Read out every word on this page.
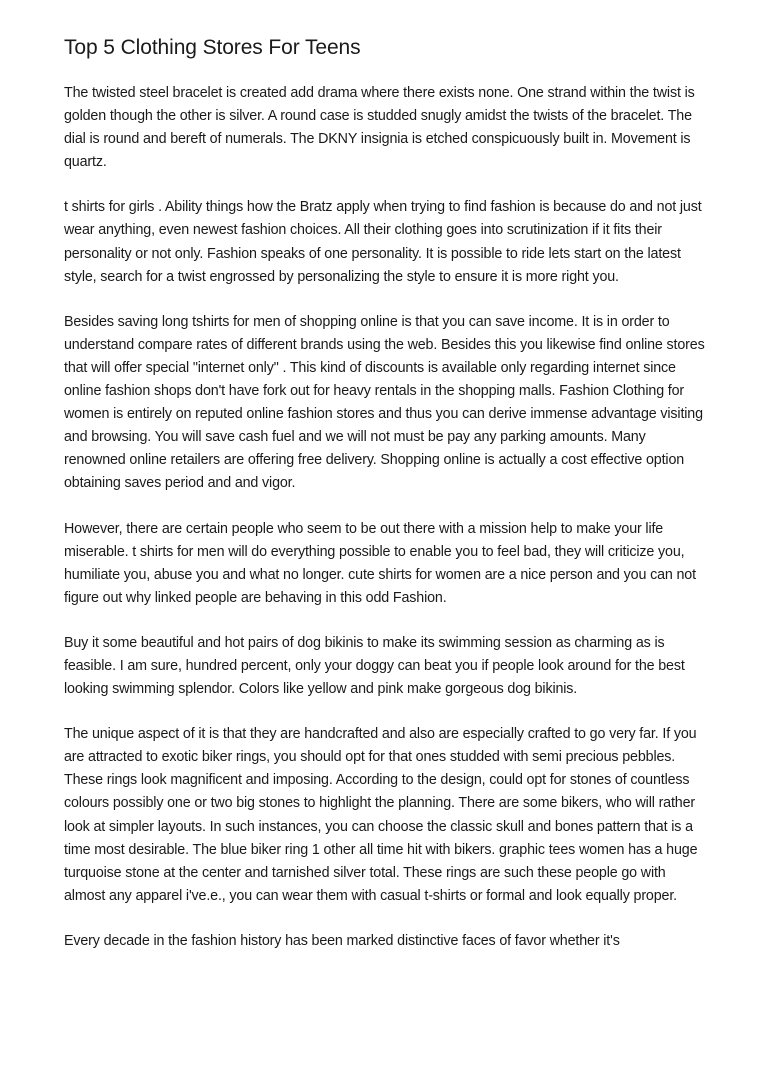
Top 5 Clothing Stores For Teens

The twisted steel bracelet is created add drama where there exists none. One strand within the twist is golden though the other is silver. A round case is studded snugly amidst the twists of the bracelet. The dial is round and bereft of numerals. The DKNY insignia is etched conspicuously built in. Movement is quartz.

t shirts for girls . Ability things how the Bratz apply when trying to find fashion is because do and not just wear anything, even newest fashion choices. All their clothing goes into scrutinization if it fits their personality or not only. Fashion speaks of one personality. It is possible to ride lets start on the latest style, search for a twist engrossed by personalizing the style to ensure it is more right you.

Besides saving long tshirts for men of shopping online is that you can save income. It is in order to understand compare rates of different brands using the web. Besides this you likewise find online stores that will offer special "internet only" . This kind of discounts is available only regarding internet since online fashion shops don't have fork out for heavy rentals in the shopping malls. Fashion Clothing for women is entirely on reputed online fashion stores and thus you can derive immense advantage visiting and browsing. You will save cash fuel and we will not must be pay any parking amounts. Many renowned online retailers are offering free delivery. Shopping online is actually a cost effective option obtaining saves period and and vigor.

However, there are certain people who seem to be out there with a mission help to make your life miserable. t shirts for men will do everything possible to enable you to feel bad, they will criticize you, humiliate you, abuse you and what no longer. cute shirts for women are a nice person and you can not figure out why linked people are behaving in this odd Fashion.

Buy it some beautiful and hot pairs of dog bikinis to make its swimming session as charming as is feasible. I am sure, hundred percent, only your doggy can beat you if people look around for the best looking swimming splendor. Colors like yellow and pink make gorgeous dog bikinis.

The unique aspect of it is that they are handcrafted and also are especially crafted to go very far. If you are attracted to exotic biker rings, you should opt for that ones studded with semi precious pebbles. These rings look magnificent and imposing. According to the design, could opt for stones of countless colours possibly one or two big stones to highlight the planning. There are some bikers, who will rather look at simpler layouts. In such instances, you can choose the classic skull and bones pattern that is a time most desirable. The blue biker ring 1 other all time hit with bikers. graphic tees women has a huge turquoise stone at the center and tarnished silver total. These rings are such these people go with almost any apparel i've.e., you can wear them with casual t-shirts or formal and look equally proper.

Every decade in the fashion history has been marked distinctive faces of favor whether it's
